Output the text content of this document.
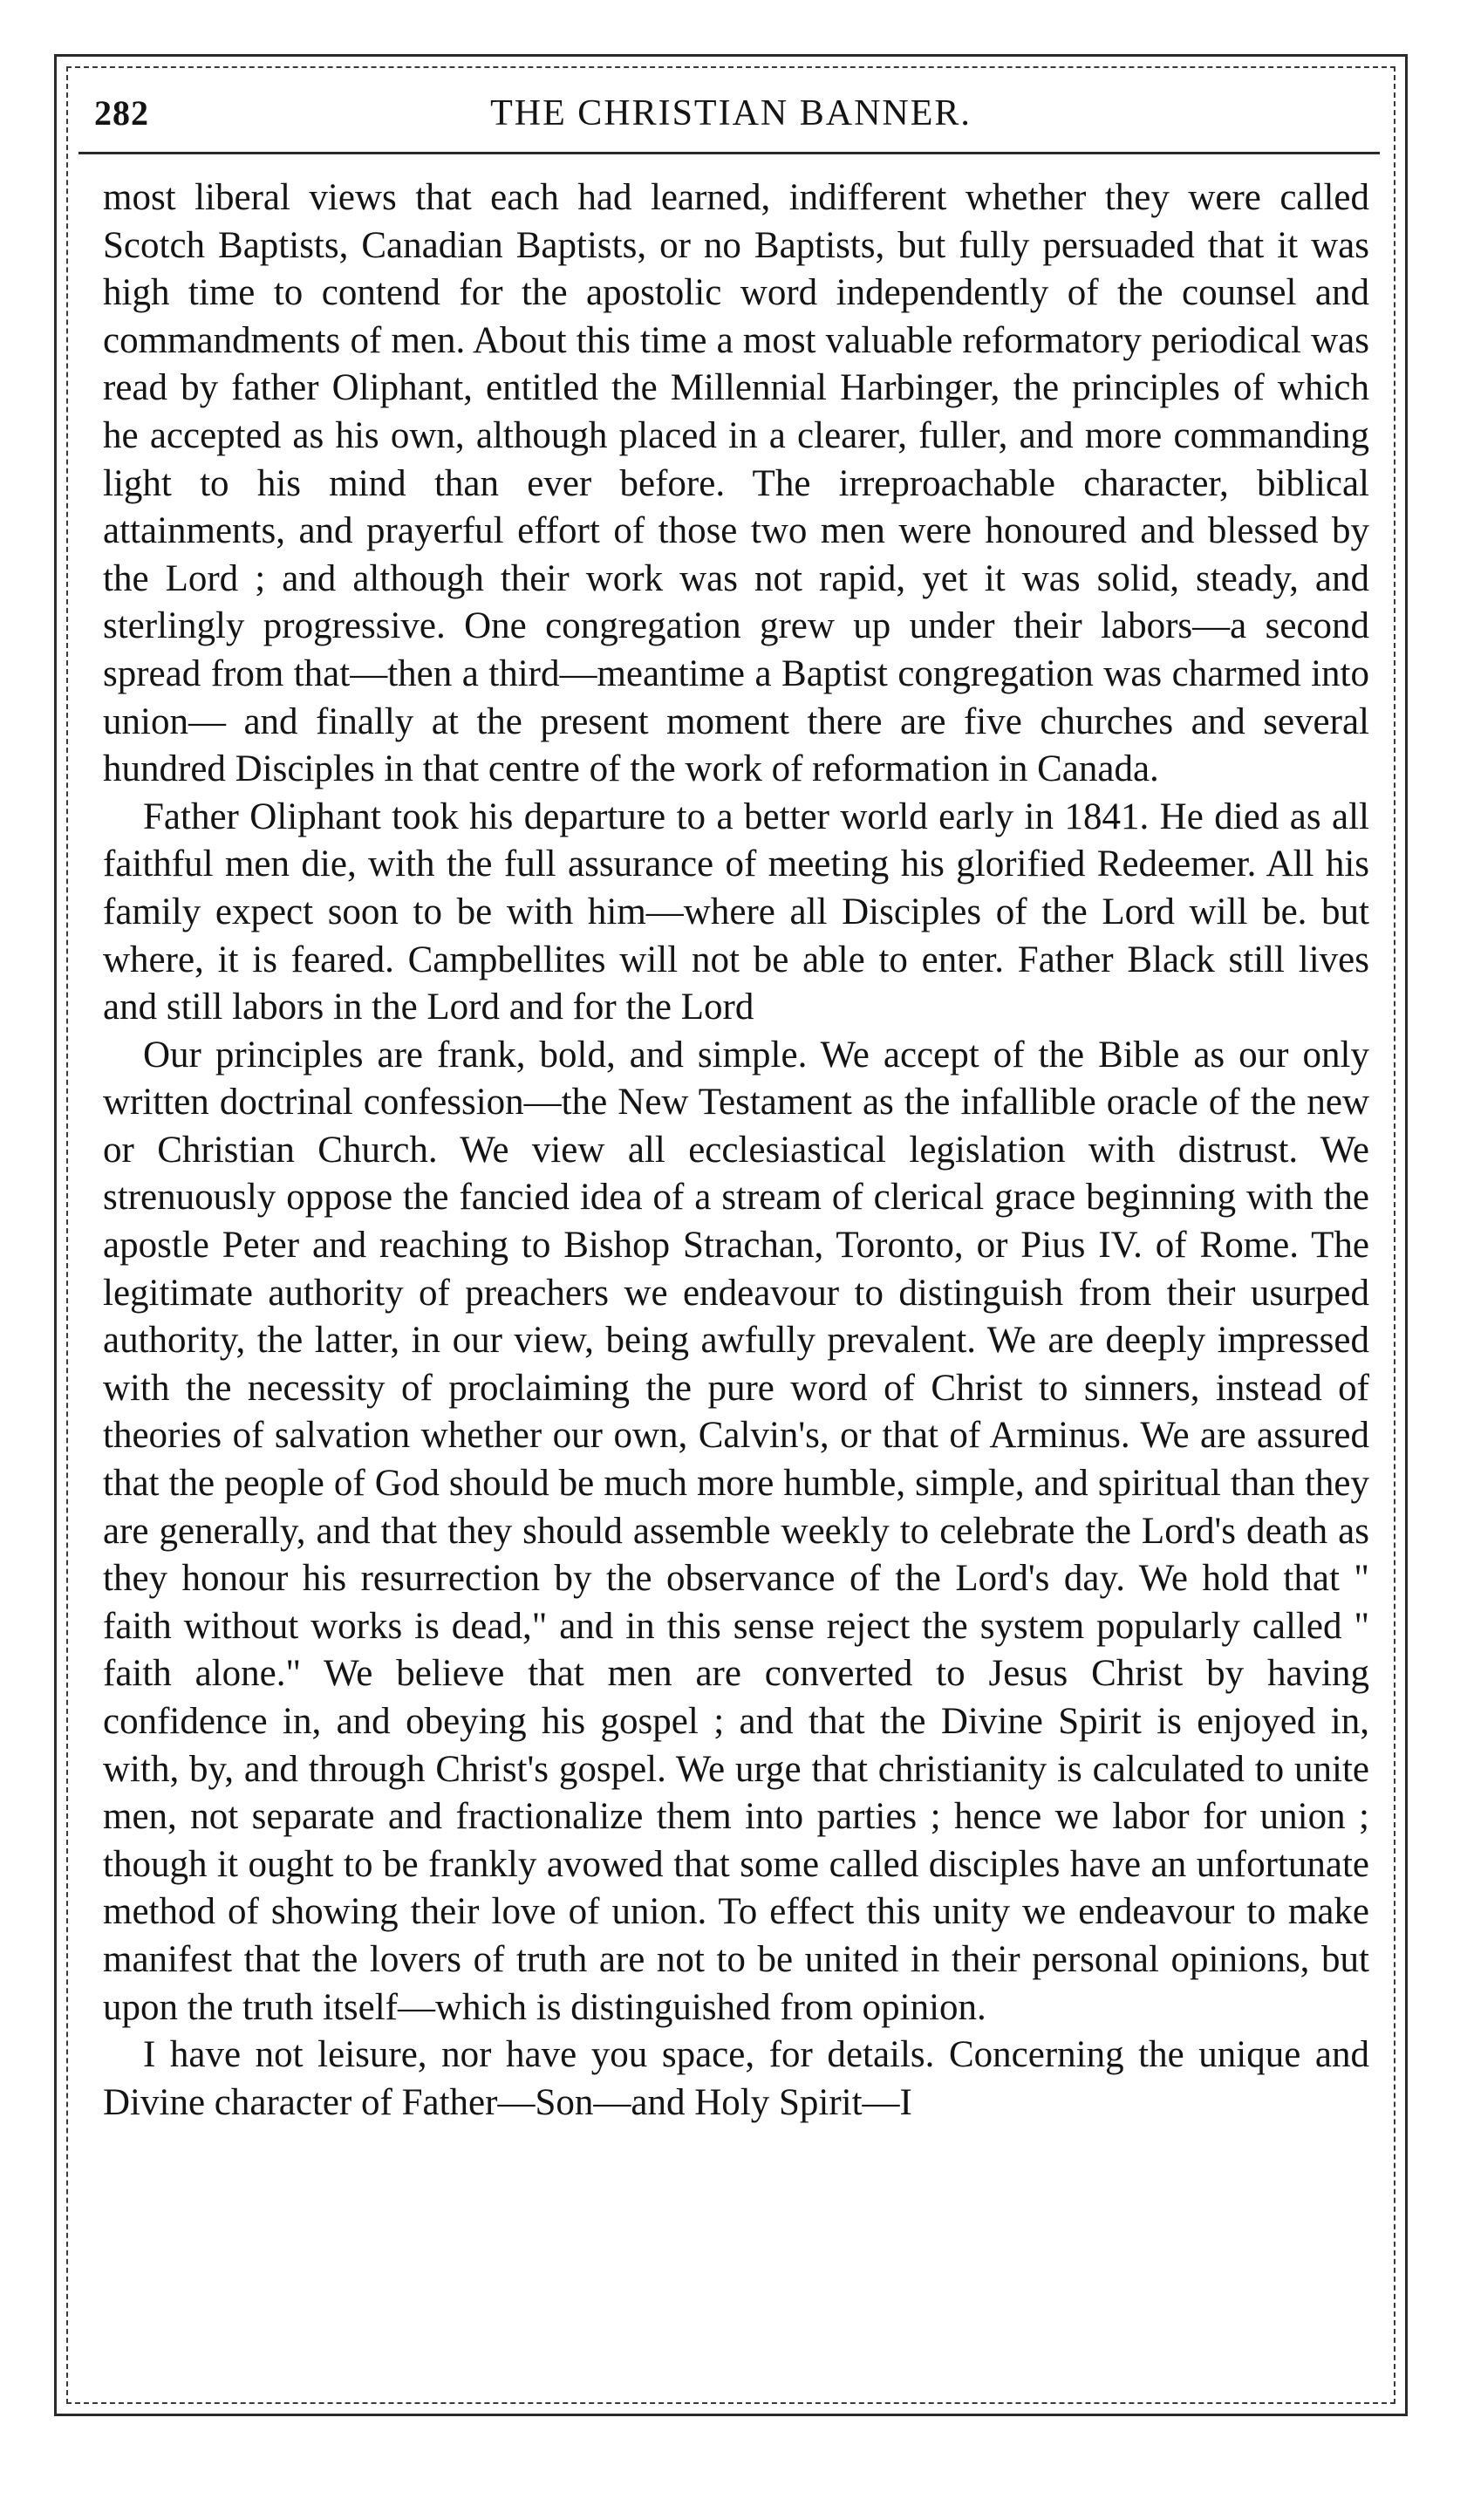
282	THE CHRISTIAN BANNER.

most liberal views that each had learned, indifferent whether they were called Scotch Baptists, Canadian Baptists, or no Baptists, but fully persuaded that it was high time to contend for the apostolic word independently of the counsel and commandments of men. About this time a most valuable reformatory periodical was read by father Oliphant, entitled the Millennial Harbinger, the principles of which he accepted as his own, although placed in a clearer, fuller, and more commanding light to his mind than ever before. The irreproachable character, biblical attainments, and prayerful effort of those two men were honoured and blessed by the Lord ; and although their work was not rapid, yet it was solid, steady, and sterlingly progressive. One congregation grew up under their labors—a second spread from that—then a third—meantime a Baptist congregation was charmed into union— and finally at the present moment there are five churches and several hundred Disciples in that centre of the work of reformation in Canada.

Father Oliphant took his departure to a better world early in 1841. He died as all faithful men die, with the full assurance of meeting his glorified Redeemer. All his family expect soon to be with him—where all Disciples of the Lord will be. but where, it is feared. Campbellites will not be able to enter. Father Black still lives and still labors in the Lord and for the Lord

Our principles are frank, bold, and simple. We accept of the Bible as our only written doctrinal confession—the New Testament as the infallible oracle of the new or Christian Church. We view all ecclesiastical legislation with distrust. We strenuously oppose the fancied idea of a stream of clerical grace beginning with the apostle Peter and reaching to Bishop Strachan, Toronto, or Pius IV. of Rome. The legitimate authority of preachers we endeavour to distinguish from their usurped authority, the latter, in our view, being awfully prevalent. We are deeply impressed with the necessity of proclaiming the pure word of Christ to sinners, instead of theories of salvation whether our own, Calvin's, or that of Arminus. We are assured that the people of God should be much more humble, simple, and spiritual than they are generally, and that they should assemble weekly to celebrate the Lord's death as they honour his resurrection by the observance of the Lord's day. We hold that " faith without works is dead," and in this sense reject the system popularly called " faith alone." We believe that men are converted to Jesus Christ by having confidence in, and obeying his gospel ; and that the Divine Spirit is enjoyed in, with, by, and through Christ's gospel. We urge that christianity is calculated to unite men, not separate and fractionalize them into parties ; hence we labor for union ; though it ought to be frankly avowed that some called disciples have an unfortunate method of showing their love of union. To effect this unity we endeavour to make manifest that the lovers of truth are not to be united in their personal opinions, but upon the truth itself—which is distinguished from opinion.

I have not leisure, nor have you space, for details. Concerning the unique and Divine character of Father—Son—and Holy Spirit—I
